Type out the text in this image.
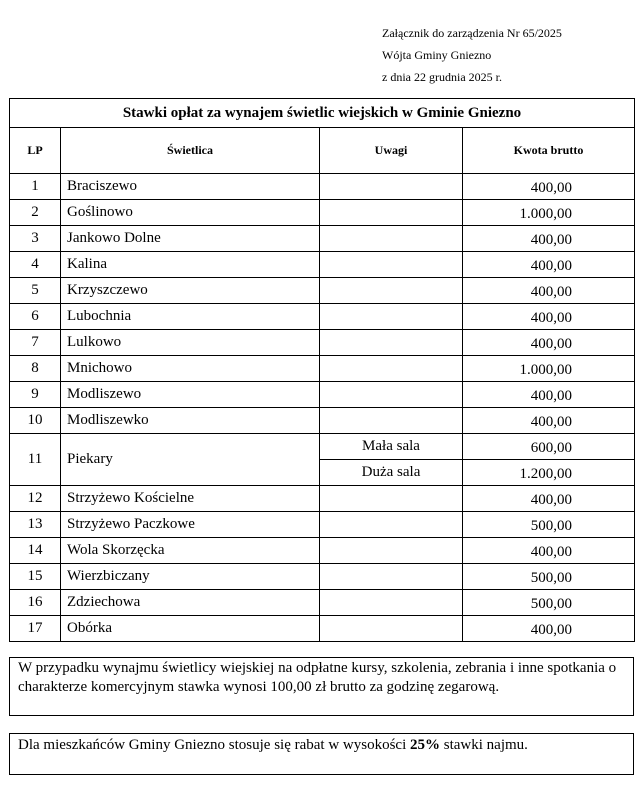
Załącznik do zarządzenia Nr 65/2025
Wójta Gminy Gniezno
z dnia 22 grudnia 2025 r.
Stawki opłat za wynajem świetlic wiejskich w Gminie Gniezno			
LP	Świetlica	Uwagi	Kwota brutto
1	Braciszewo		400,00
2	Goślinowo		1.000,00
3	Jankowo Dolne		400,00
4	Kalina		400,00
5	Krzyszczewo		400,00
6	Lubochnia		400,00
7	Lulkowo		400,00
8	Mnichowo		1.000,00
9	Modliszewo		400,00
10	Modliszewko		400,00
11	Piekary	Mała sala	600,00
		Duża sala	1.200,00
12	Strzyżewo Kościelne		400,00
13	Strzyżewo Paczkowe		500,00
14	Wola Skorzęcka		400,00
15	Wierzbiczany		500,00
16	Zdziechowa		500,00
17	Obórka		400,00
W przypadku wynajmu świetlicy wiejskiej na odpłatne kursy, szkolenia, zebrania i inne spotkania o charakterze komercyjnym stawka wynosi 100,00 zł brutto za godzinę zegarową.
Dla mieszkańców Gminy Gniezno stosuje się rabat w wysokości 25% stawki najmu.
